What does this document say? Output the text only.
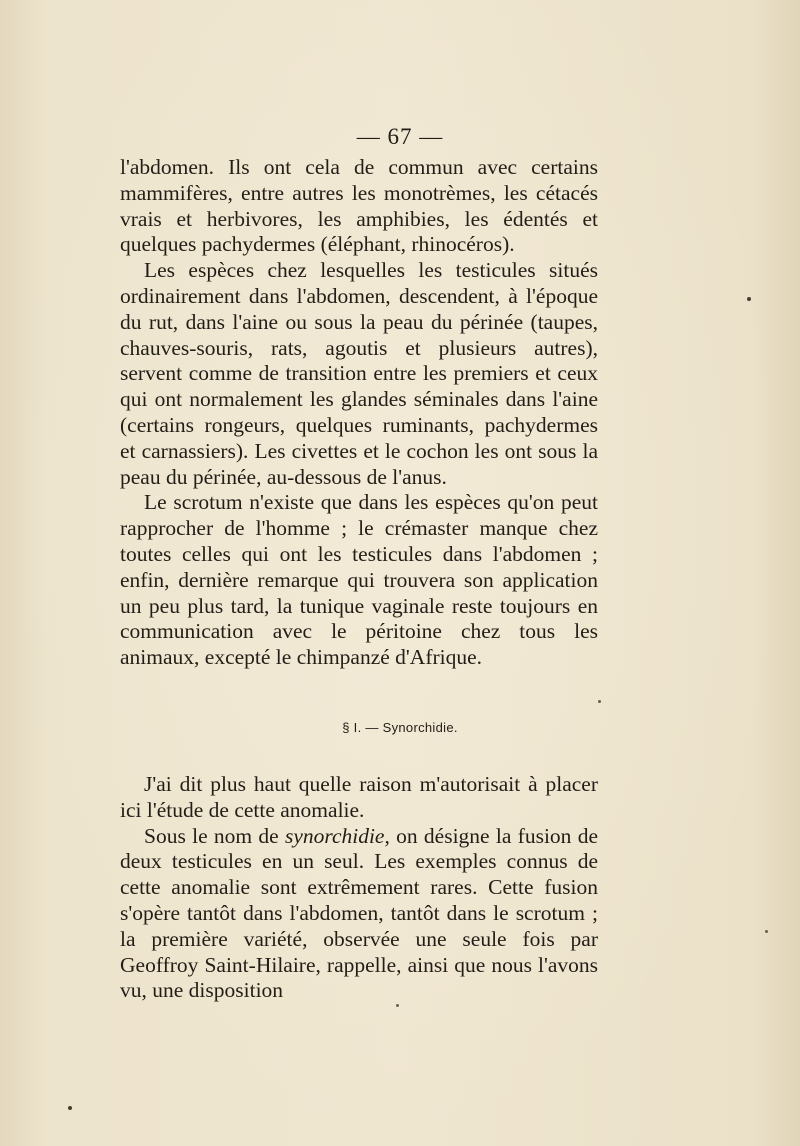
— 67 —

l'abdomen. Ils ont cela de commun avec certains mammifères, entre autres les monotrèmes, les cétacés vrais et herbivores, les amphibies, les édentés et quelques pachydermes (éléphant, rhinocéros).

Les espèces chez lesquelles les testicules situés ordinairement dans l'abdomen, descendent, à l'époque du rut, dans l'aine ou sous la peau du périnée (taupes, chauves-souris, rats, agoutis et plusieurs autres), servent comme de transition entre les premiers et ceux qui ont normalement les glandes séminales dans l'aine (certains rongeurs, quelques ruminants, pachydermes et carnassiers). Les civettes et le cochon les ont sous la peau du périnée, au-dessous de l'anus.

Le scrotum n'existe que dans les espèces qu'on peut rapprocher de l'homme ; le crémaster manque chez toutes celles qui ont les testicules dans l'abdomen ; enfin, dernière remarque qui trouvera son application un peu plus tard, la tunique vaginale reste toujours en communication avec le péritoine chez tous les animaux, excepté le chimpanzé d'Afrique.

§ I. — Synorchidie.

J'ai dit plus haut quelle raison m'autorisait à placer ici l'étude de cette anomalie.

Sous le nom de synorchidie, on désigne la fusion de deux testicules en un seul. Les exemples connus de cette anomalie sont extrêmement rares. Cette fusion s'opère tantôt dans l'abdomen, tantôt dans le scrotum ; la première variété, observée une seule fois par Geoffroy Saint-Hilaire, rappelle, ainsi que nous l'avons vu, une disposition
